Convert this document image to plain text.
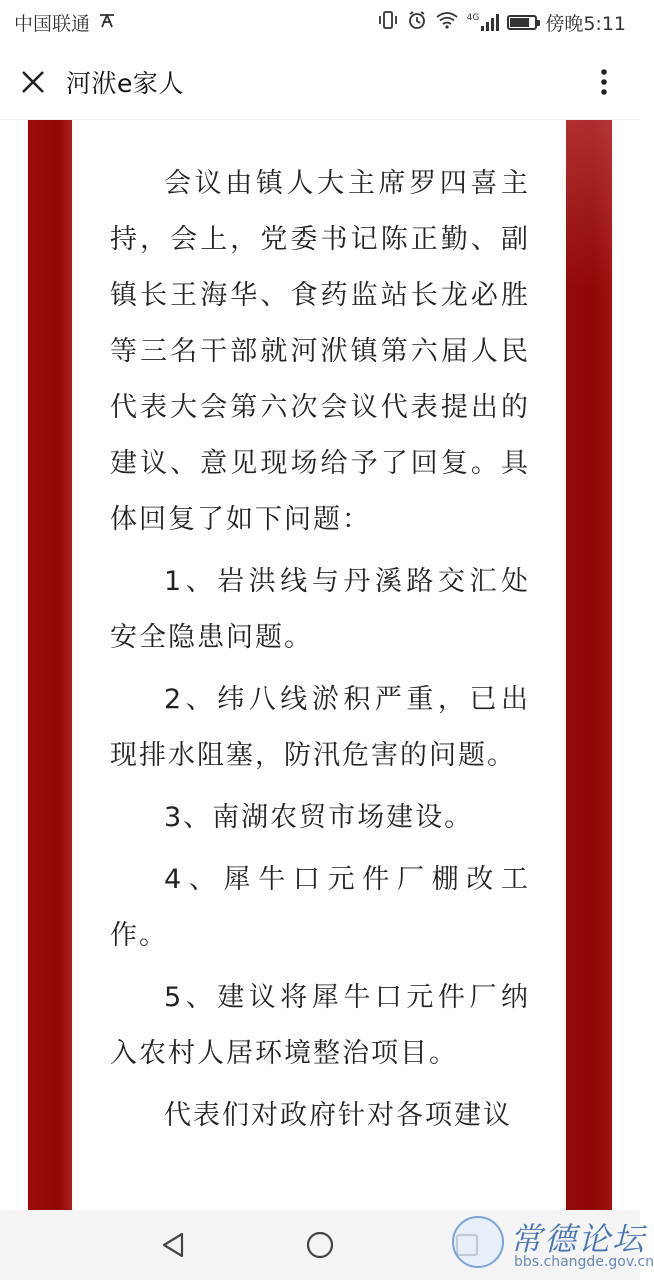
中国联通	4G	傍晚5:11
河洑e家人

会议由镇人大主席罗四喜主持，会上，党委书记陈正勤、副镇长王海华、食药监站长龙必胜等三名干部就河洑镇第六届人民代表大会第六次会议代表提出的建议、意见现场给予了回复。具体回复了如下问题：

1、岩洪线与丹溪路交汇处安全隐患问题。

2、纬八线淤积严重，已出现排水阻塞，防汛危害的问题。

3、南湖农贸市场建设。

4、犀牛口元件厂棚改工作。

5、建议将犀牛口元件厂纳入农村人居环境整治项目。

代表们对政府针对各项建议

常德论坛
bbs.changde.gov.cn
